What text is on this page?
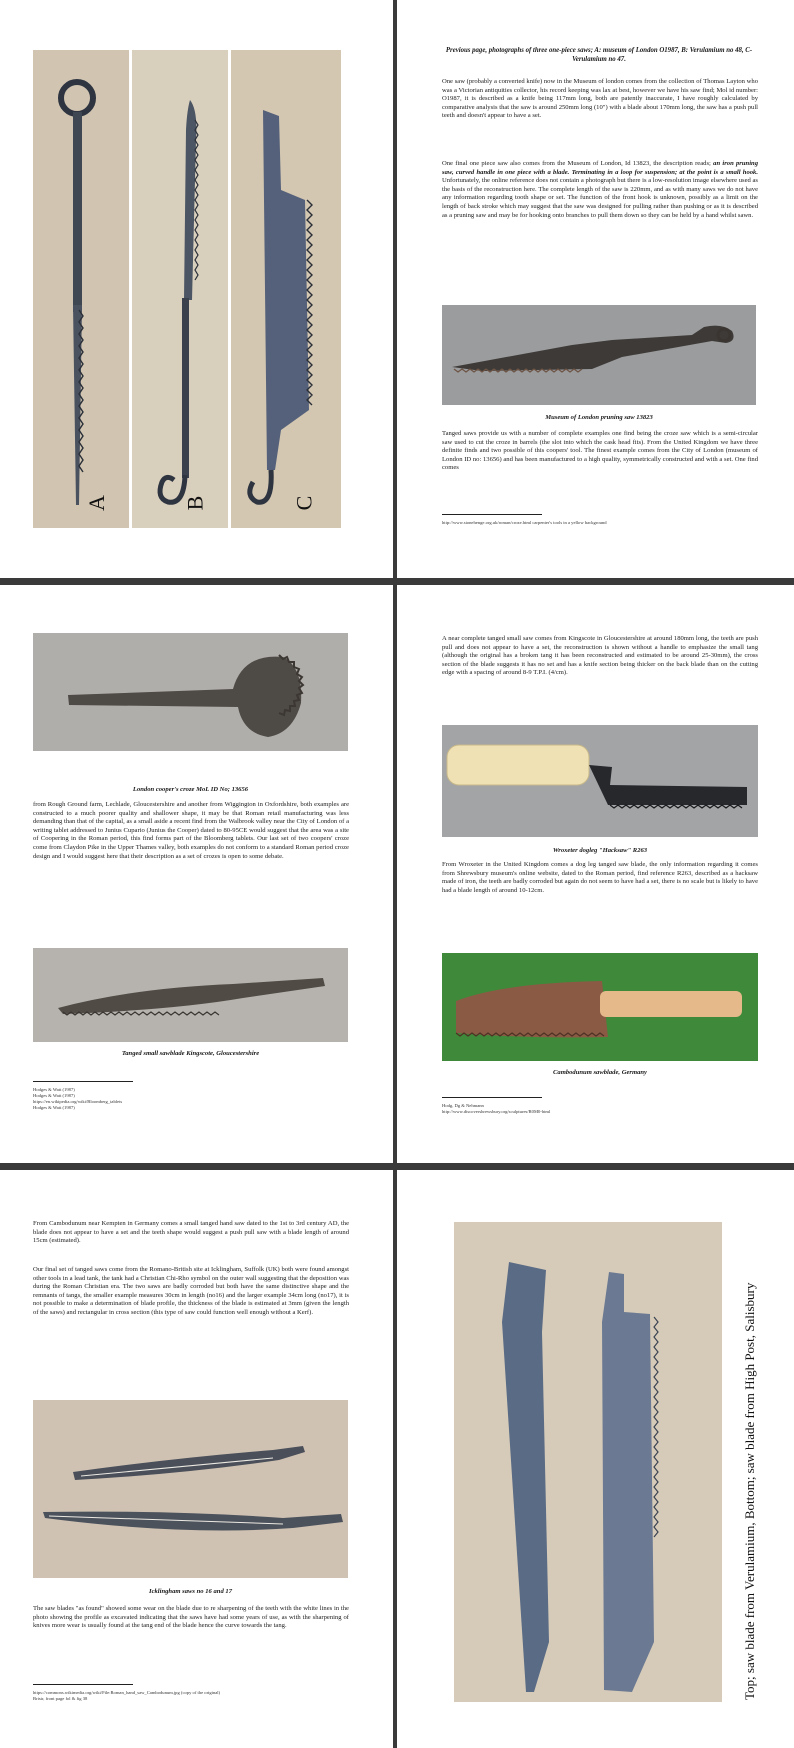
A	B	C
Previous page, photographs of three one-piece saws; A: museum of London O1987, B: Verulamium no 48, C-Verulamium no 47.
One saw (probably a converted knife) now in the Museum of london comes from the collection of Thomas Layton who was a Victorian antiquities collector, his record keeping was lax at best, however we have his saw find; Mol id number: O1987, it is described as a knife being 117mm long, both are patently inaccurate, I have roughly calculated by comparative analysis that the saw is around 250mm long (10") with a blade about 170mm long, the saw has a push pull teeth and doesn't appear to have a set.
One final one piece saw also comes from the Museum of London, Id 13823, the description reads; an iron pruning saw, curved handle in one piece with a blade. Terminating in a loop for suspension; at the point is a small hook. Unfortunately, the online reference does not contain a photograph but there is a low-resolution image elsewhere used as the basis of the reconstruction here. The complete length of the saw is 220mm, and as with many saws we do not have any information regarding tooth shape or set. The function of the front hook is unknown, possibly as a limit on the length of back stroke which may suggest that the saw was designed for pulling rather than pushing or as it is described as a pruning saw and may be for hooking onto branches to pull them down so they can be held by a hand whilst sawn.
Museum of London pruning saw 13823
Tanged saws provide us with a number of complete examples one find being the croze saw which is a semi-circular saw used to cut the croze in barrels (the slot into which the cask head fits). From the United Kingdom we have three definite finds and two possible of this coopers' tool. The finest example comes from the City of London (museum of London ID no: 13656) and has been manufactured to a high quality, symmetrically constructed and with a set. One find comes
http://www.stonehenge.org.uk/roman/croze.html carpenter's tools in a yellow background
London cooper's croze MoL ID No; 13656
from Rough Ground farm, Lechlade, Gloucestershire and another from Wiggington in Oxfordshire, both examples are constructed to a much poorer quality and shallower shape, it may be that Roman retail manufacturing was less demanding than that of the capital, as a small aside a recent find from the Walbrook valley near the City of London of a writing tablet addressed to Junius Cupario (Junius the Cooper) dated to 80-95CE would suggest that the area was a site of Coopering in the Roman period, this find forms part of the Bloomberg tablets. Our last set of two coopers' croze come from Claydon Pike in the Upper Thames valley, both examples do not conform to a standard Roman period croze design and I would suggest here that their description as a set of crozes is open to some debate.
Tanged small sawblade Kingscote, Gloucestershire
Hodges & Watt (1987)
Hodges & Watt (1987)
https://en.wikipedia.org/wiki/Bloomberg_tablets
Hodges & Watt (1987)
A near complete tanged small saw comes from Kingscote in Gloucestershire at around 180mm long, the teeth are push pull and does not appear to have a set, the reconstruction is shown without a handle to emphasize the small tang (although the original has a broken tang it has been reconstructed and estimated to be around 25-30mm), the cross section of the blade suggests it has no set and has a knife section being thicker on the back blade than on the cutting edge with a spacing of around 8-9 T.P.I. (4/cm).
Wroxeter dogleg "Hacksaw" R263
From Wroxeter in the United Kingdom comes a dog leg tanged saw blade, the only information regarding it comes from Shrewsbury museum's online website, dated to the Roman period, find reference R263, described as a hacksaw made of iron, the teeth are badly corroded but again do not seem to have had a set, there is no scale but is likely to have had a blade length of around 10-12cm.
Cambodunum sawblade, Germany
Hodg, Dg & Nehmann
http://www.discovershrewsbury.org/sculptures/R0M0-html
From Cambodunum near Kempten in Germany comes a small tanged hand saw dated to the 1st to 3rd century AD, the blade does not appear to have a set and the teeth shape would suggest a push pull saw with a blade length of around 15cm (estimated).
Our final set of tanged saws come from the Romano-British site at Icklingham, Suffolk (UK) both were found amongst other tools in a lead tank, the tank had a Christian Chi-Rho symbol on the outer wall suggesting that the deposition was during the Roman Christian era. The two saws are badly corroded but both have the same distinctive shape and the remnants of tangs, the smaller example measures 30cm in length (no16) and the larger example 34cm long (no17), it is not possible to make a determination of blade profile, the thickness of the blade is estimated at 3mm (given the length of the saws) and rectangular in cross section (this type of saw could function well enough without a Kerf).
Icklingham saws no 16 and 17
The saw blades "as found" showed some wear on the blade due to re sharpening of the teeth with the white lines in the photo showing the profile as excavated indicating that the saws have had some years of use, as with the sharpening of knives more wear is usually found at the tang end of the blade hence the curve towards the tang.
https://commons.wikimedia.org/wiki/File:Roman_hand_saw_Cambodunum.jpg (copy of the original)
Bristr, front page fol & fig 38	Top; saw blade from Verulamium, Bottom; saw blade from High Post, Salisbury
